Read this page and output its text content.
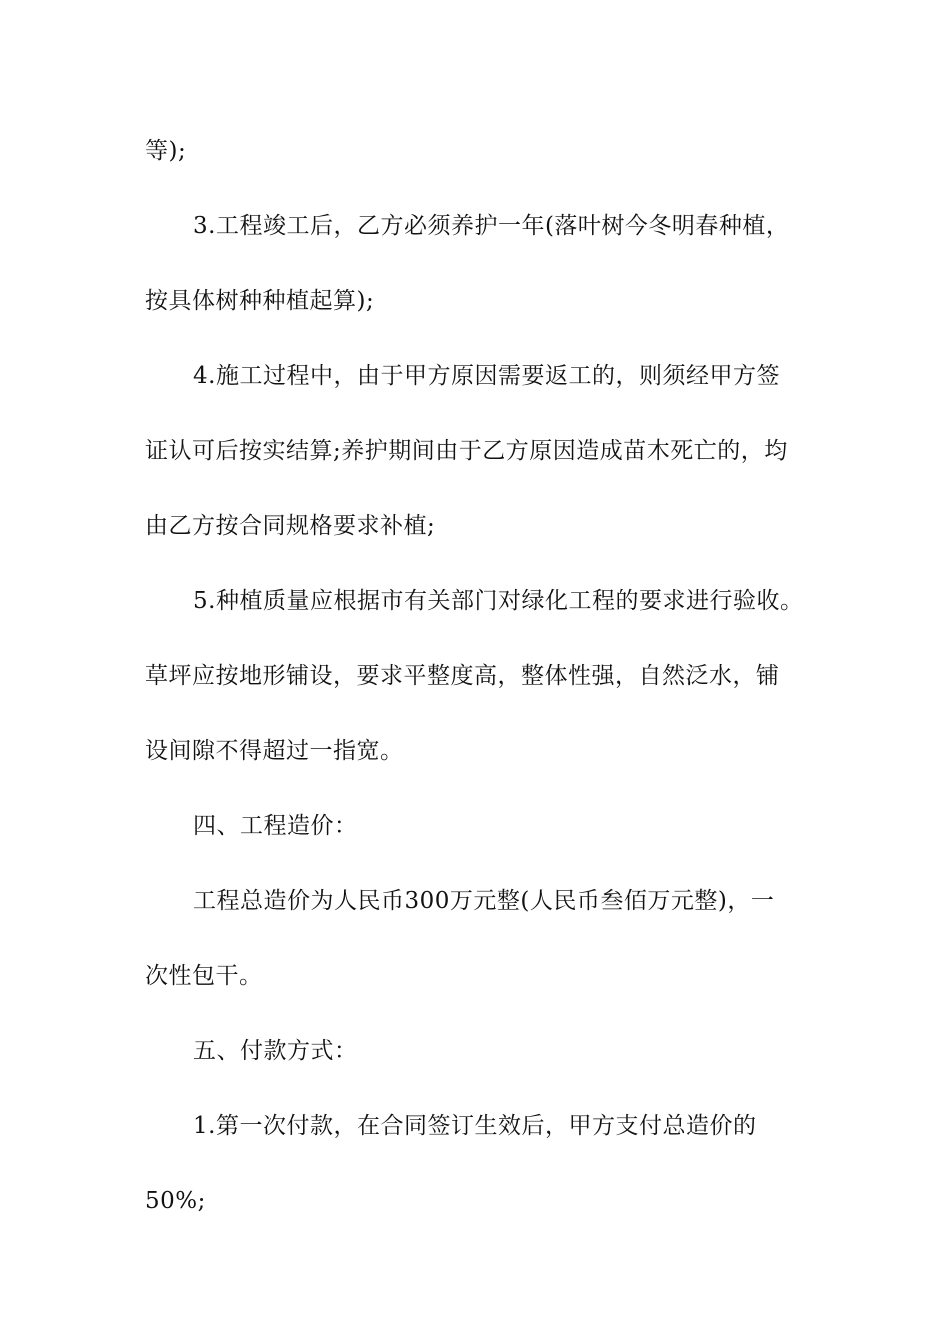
等);
3.工程竣工后，乙方必须养护一年(落叶树今冬明春种植，
按具体树种种植起算);
4.施工过程中，由于甲方原因需要返工的，则须经甲方签
证认可后按实结算;养护期间由于乙方原因造成苗木死亡的，均
由乙方按合同规格要求补植;
5.种植质量应根据市有关部门对绿化工程的要求进行验收。
草坪应按地形铺设，要求平整度高，整体性强，自然泛水，铺
设间隙不得超过一指宽。
四、工程造价：
工程总造价为人民币300万元整(人民币叁佰万元整)，一
次性包干。
五、付款方式：
1.第一次付款，在合同签订生效后，甲方支付总造价的
50%;
